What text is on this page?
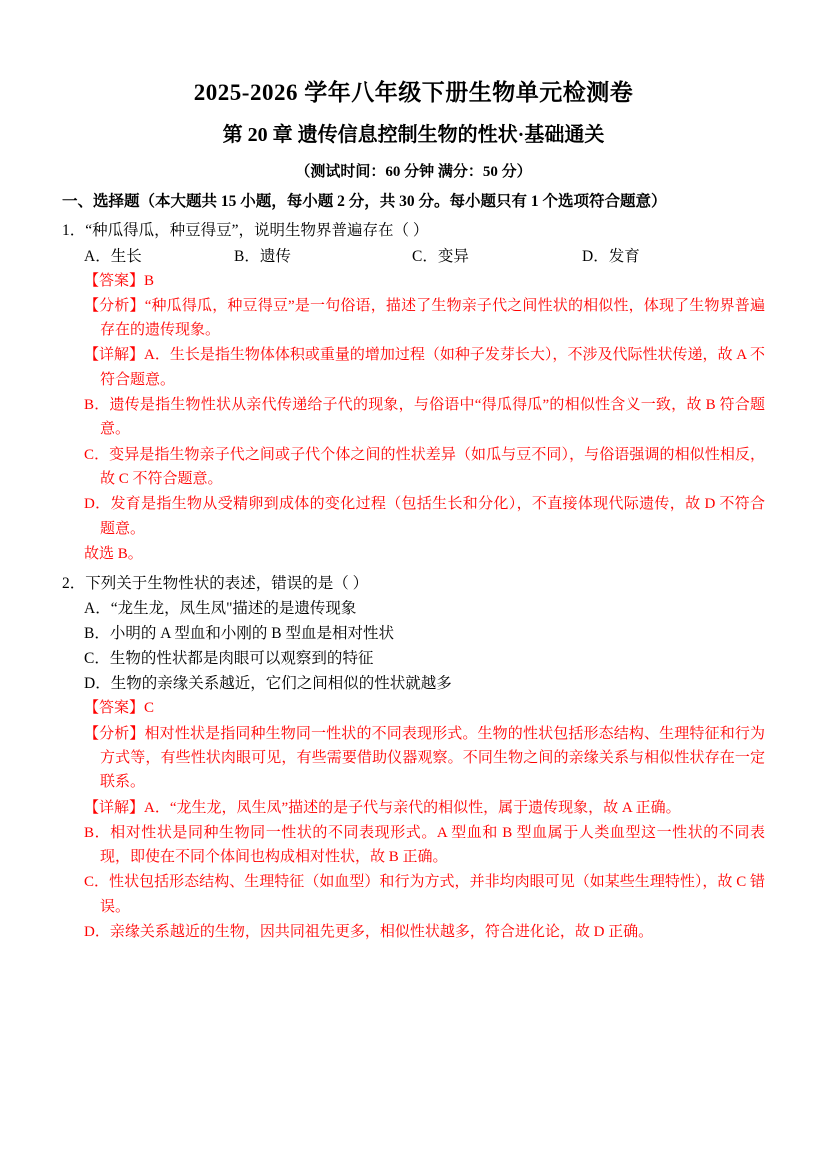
2025-2026 学年八年级下册生物单元检测卷
第 20 章 遗传信息控制生物的性状·基础通关
（测试时间：60 分钟 满分：50 分）
一、选择题（本大题共 15 小题，每小题 2 分，共 30 分。每小题只有 1 个选项符合题意）
1．“种瓜得瓜，种豆得豆”，说明生物界普遍存在（ ）
A．生长	B．遗传	C．变异	D．发育
【答案】B
【分析】“种瓜得瓜，种豆得豆”是一句俗语，描述了生物亲子代之间性状的相似性，体现了生物界普遍存在的遗传现象。
【详解】A．生长是指生物体体积或重量的增加过程（如种子发芽长大），不涉及代际性状传递，故 A 不符合题意。
B．遗传是指生物性状从亲代传递给子代的现象，与俗语中“得瓜得瓜”的相似性含义一致，故 B 符合题意。
C．变异是指生物亲子代之间或子代个体之间的性状差异（如瓜与豆不同），与俗语强调的相似性相反，故 C 不符合题意。
D．发育是指生物从受精卵到成体的变化过程（包括生长和分化），不直接体现代际遗传，故 D 不符合题意。
故选 B。
2．下列关于生物性状的表述，错误的是（ ）
A．“龙生龙，凤生凤"描述的是遗传现象
B．小明的 A 型血和小刚的 B 型血是相对性状
C．生物的性状都是肉眼可以观察到的特征
D．生物的亲缘关系越近，它们之间相似的性状就越多
【答案】C
【分析】相对性状是指同种生物同一性状的不同表现形式。生物的性状包括形态结构、生理特征和行为方式等，有些性状肉眼可见，有些需要借助仪器观察。不同生物之间的亲缘关系与相似性状存在一定联系。
【详解】A．“龙生龙，凤生凤”描述的是子代与亲代的相似性，属于遗传现象，故 A 正确。
B．相对性状是同种生物同一性状的不同表现形式。A 型血和 B 型血属于人类血型这一性状的不同表现，即使在不同个体间也构成相对性状，故 B 正确。
C．性状包括形态结构、生理特征（如血型）和行为方式，并非均肉眼可见（如某些生理特性），故 C 错误。
D．亲缘关系越近的生物，因共同祖先更多，相似性状越多，符合进化论，故 D 正确。
